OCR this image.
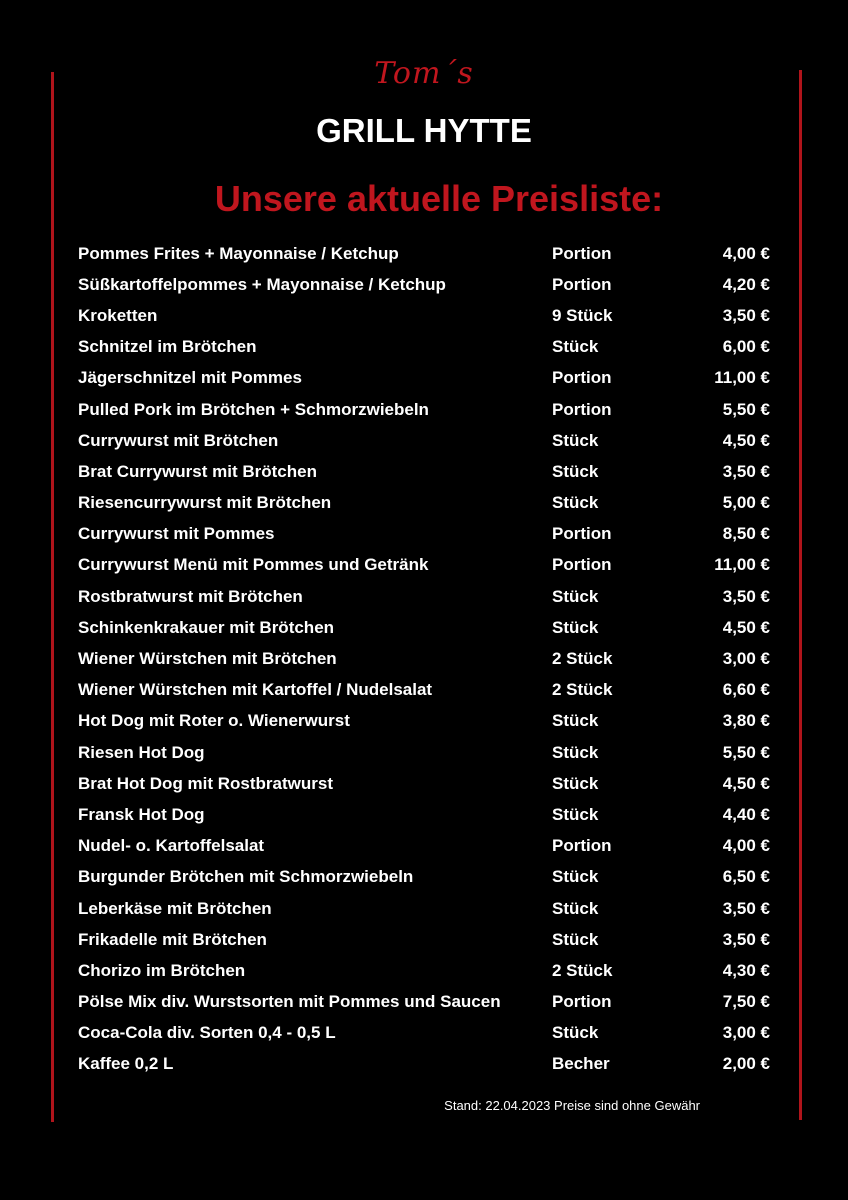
Tom´s
GRILL HYTTE
Unsere aktuelle Preisliste:
Pommes Frites + Mayonnaise / Ketchup	Portion	4,00 €
Süßkartoffelpommes + Mayonnaise / Ketchup	Portion	4,20 €
Kroketten	9 Stück	3,50 €
Schnitzel im Brötchen	Stück	6,00 €
Jägerschnitzel mit Pommes	Portion	11,00 €
Pulled Pork im Brötchen + Schmorzwiebeln	Portion	5,50 €
Currywurst mit Brötchen	Stück	4,50 €
Brat Currywurst mit Brötchen	Stück	3,50 €
Riesencurrywurst mit Brötchen	Stück	5,00 €
Currywurst mit Pommes	Portion	8,50 €
Currywurst Menü mit Pommes und Getränk	Portion	11,00 €
Rostbratwurst mit Brötchen	Stück	3,50 €
Schinkenkrakauer mit Brötchen	Stück	4,50 €
Wiener Würstchen mit Brötchen	2 Stück	3,00 €
Wiener Würstchen mit Kartoffel / Nudelsalat	2 Stück	6,60 €
Hot Dog mit Roter o. Wienerwurst	Stück	3,80 €
Riesen Hot Dog	Stück	5,50 €
Brat Hot Dog mit Rostbratwurst	Stück	4,50 €
Fransk Hot Dog	Stück	4,40 €
Nudel- o. Kartoffelsalat	Portion	4,00 €
Burgunder Brötchen mit Schmorzwiebeln	Stück	6,50 €
Leberkäse mit Brötchen	Stück	3,50 €
Frikadelle mit Brötchen	Stück	3,50 €
Chorizo im Brötchen	2 Stück	4,30 €
Pölse Mix div. Wurstsorten mit Pommes und Saucen	Portion	7,50 €
Coca-Cola div. Sorten 0,4 - 0,5 L	Stück	3,00 €
Kaffee 0,2 L	Becher	2,00 €
Stand: 22.04.2023 Preise sind ohne Gewähr
